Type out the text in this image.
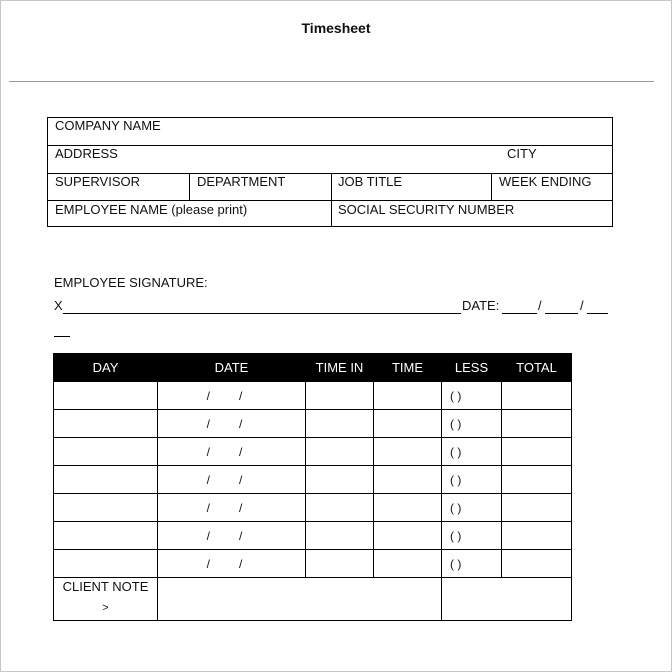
Timesheet
COMPANY NAME
ADDRESS	CITY
SUPERVISOR	DEPARTMENT	JOB TITLE	WEEK ENDING
EMPLOYEE NAME (please print)	SOCIAL SECURITY NUMBER
EMPLOYEE SIGNATURE:
X	DATE:	/	/
DAY	DATE	TIME IN	TIME	LESS	TOTAL

	/ /			( )	

	/ /			( )	

	/ /			( )	

	/ /			( )	

	/ /			( )	

	/ /			( )	

	/ /			( )	

CLIENT NOTE
>					
